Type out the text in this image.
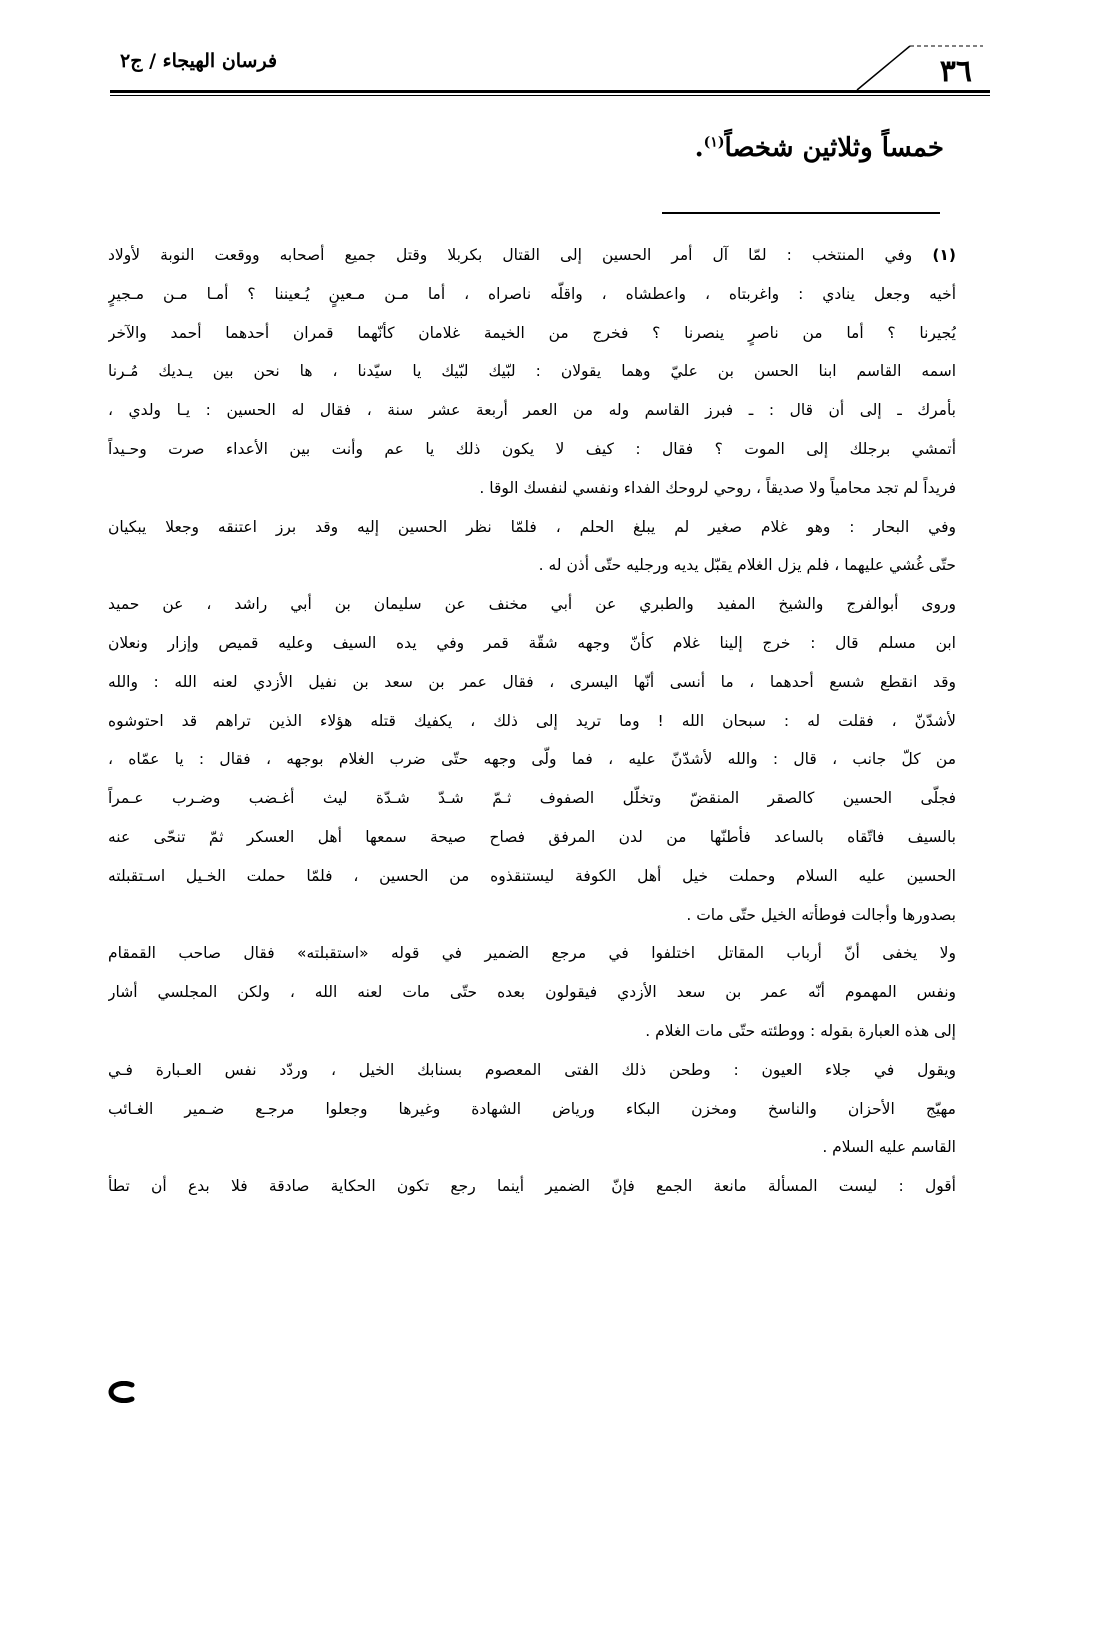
٣٦
فرسان الهيجاء / ج٢
خمساً وثلاثين شخصاً$^{(١)}$.
(١) وفي المنتخب : لمّا آل أمر الحسين إلى القتال بكربلا وقتل جميع أصحابه ووقعت النوبة لأولاد
أخيه وجعل ينادي : واغربتاه ، واعطشاه ، واقلّه ناصراه ، أما مـن مـعينٍ يُـعيننا ؟ أمـا مـن مـجيرٍ
يُجيرنا ؟ أما من ناصرٍ ينصرنا ؟ فخرج من الخيمة غلامان كأنّهما قمران أحدهما أحمد والآخر
اسمه القاسم ابنا الحسن بن عليّ وهما يقولان : لبّيك لبّيك يا سيّدنا ، ها نحن بين يـديك مُـرنا
بأمرك ـ إلى أن قال : ـ فبرز القاسم وله من العمر أربعة عشر سنة ، فقال له الحسين : يـا ولدي ،
أتمشي برجلك إلى الموت ؟ فقال : كيف لا يكون ذلك يا عم وأنت بين الأعداء صرت وحـيداً
فريداً لم تجد محامياً ولا صديقاً ، روحي لروحك الفداء ونفسي لنفسك الوقا .
وفي البحار : وهو غلام صغير لم يبلغ الحلم ، فلمّا نظر الحسين إليه وقد برز اعتنقه وجعلا يبكيان
حتّى غُشي عليهما ، فلم يزل الغلام يقبّل يديه ورجليه حتّى أذن له .
وروى أبوالفرج والشيخ المفيد والطبري عن أبي مخنف عن سليمان بن أبي راشد ، عن حميد
ابن مسلم قال : خرج إلينا غلام كأنّ وجهه شقّة قمر وفي يده السيف وعليه قميص وإزار ونعلان
وقد انقطع شسع أحدهما ، ما أنسى أنّها اليسرى ، فقال عمر بن سعد بن نفيل الأزدي لعنه الله : والله
لأشدّنّ ، فقلت له : سبحان الله ! وما تريد إلى ذلك ، يكفيك قتله هؤلاء الذين تراهم قد احتوشوه
من كلّ جانب ، قال : والله لأشدّنّ عليه ، فما ولّى وجهه حتّى ضرب الغلام بوجهه ، فقال : يا عمّاه ،
فجلّى الحسين كالصقر المنقضّ وتخلّل الصفوف ثـمّ شـدّ شـدّة ليث أغـضب وضـرب عـمراً
بالسيف فاتّقاه بالساعد فأطنّها من لدن المرفق فصاح صيحة سمعها أهل العسكر ثمّ تنحّى عنه
الحسين عليه السلام وحملت خيل أهل الكوفة ليستنقذوه من الحسين ، فلمّا حملت الخـيل اسـتقبلته
بصدورها وأجالت فوطأته الخيل حتّى مات .
ولا يخفى أنّ أرباب المقاتل اختلفوا في مرجع الضمير في قوله «استقبلته» فقال صاحب القمقام
ونفس المهموم أنّه عمر بن سعد الأزدي فيقولون بعده حتّى مات لعنه الله ، ولكن المجلسي أشار
إلى هذه العبارة بقوله : ووطئته حتّى مات الغلام .
ويقول في جلاء العيون : وطحن ذلك الفتى المعصوم بسنابك الخيل ، وردّد نفس العـبارة فـي
مهيّج الأحزان والناسخ ومخزن البكاء ورياض الشهادة وغيرها وجعلوا مرجـع ضـمير الغـائب
القاسم عليه السلام .
أقول : ليست المسألة مانعة الجمع فإنّ الضمير أينما رجع تكون الحكاية صادقة فلا بدع أن تطأ
